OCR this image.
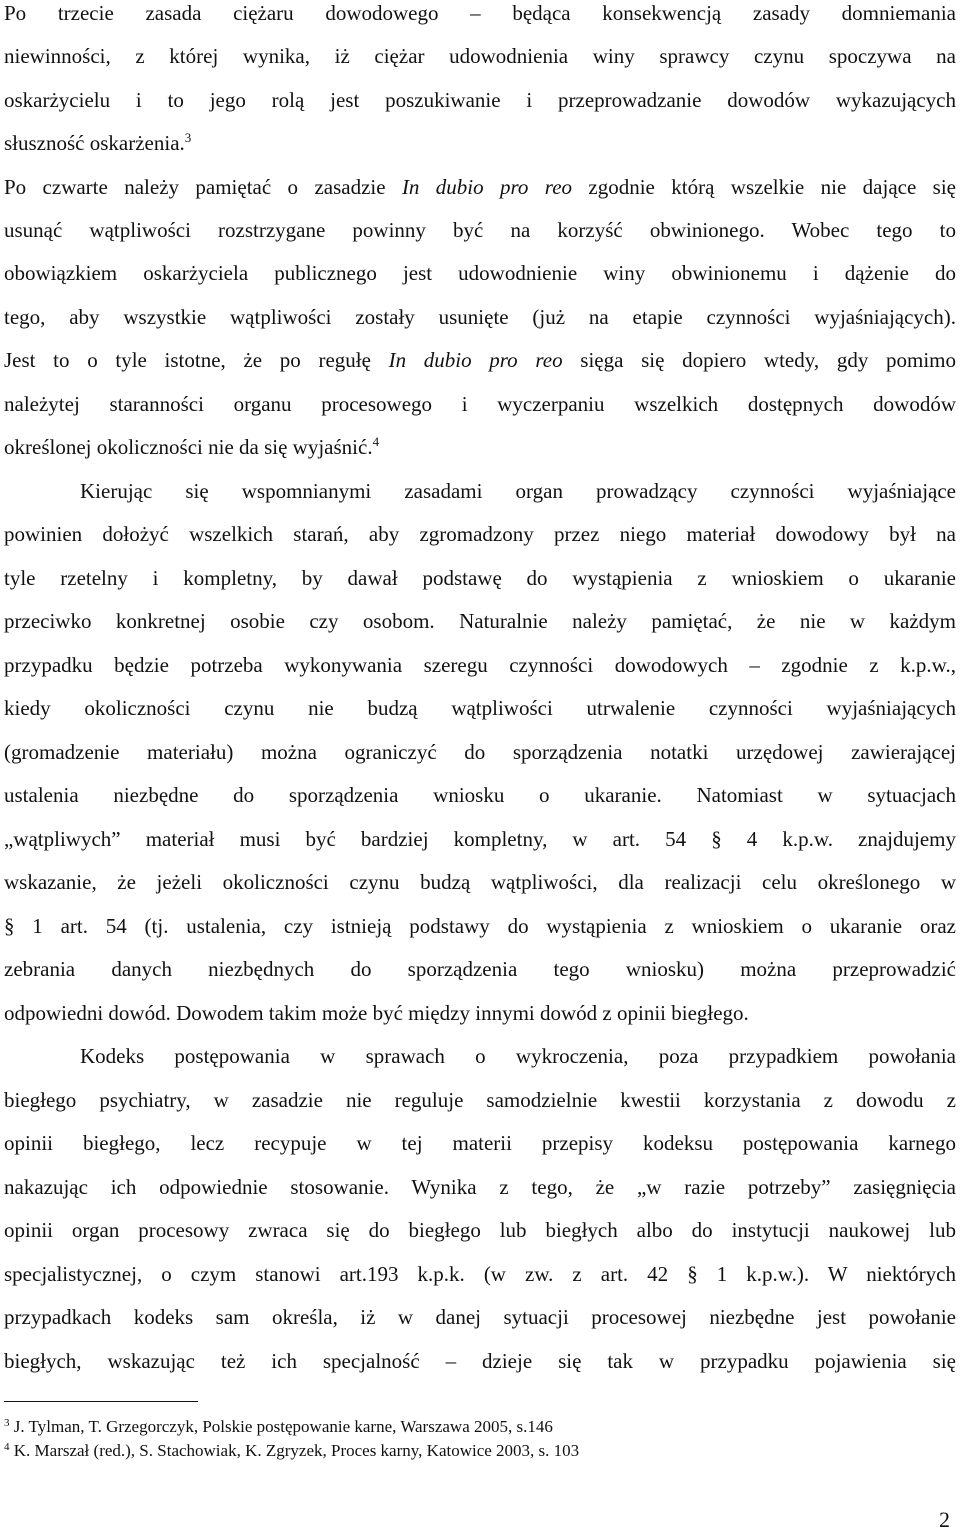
Po trzecie zasada ciężaru dowodowego – będąca konsekwencją zasady domniemania
niewinności, z której wynika, iż ciężar udowodnienia winy sprawcy czynu spoczywa na
oskarżycielu i to jego rolą jest poszukiwanie i przeprowadzanie dowodów wykazujących
słuszność oskarżenia.$^3$
Po czwarte należy pamiętać o zasadzie In dubio pro reo zgodnie którą wszelkie nie dające się
usunąć wątpliwości rozstrzygane powinny być na korzyść obwinionego. Wobec tego to
obowiązkiem oskarżyciela publicznego jest udowodnienie winy obwinionemu i dążenie do
tego, aby wszystkie wątpliwości zostały usunięte (już na etapie czynności wyjaśniających).
Jest to o tyle istotne, że po regułę In dubio pro reo sięga się dopiero wtedy, gdy pomimo
należytej staranności organu procesowego i wyczerpaniu wszelkich dostępnych dowodów
określonej okoliczności nie da się wyjaśnić.$^4$
Kierując się wspomnianymi zasadami organ prowadzący czynności wyjaśniające
powinien dołożyć wszelkich starań, aby zgromadzony przez niego materiał dowodowy był na
tyle rzetelny i kompletny, by dawał podstawę do wystąpienia z wnioskiem o ukaranie
przeciwko konkretnej osobie czy osobom. Naturalnie należy pamiętać, że nie w każdym
przypadku będzie potrzeba wykonywania szeregu czynności dowodowych – zgodnie z k.p.w.,
kiedy okoliczności czynu nie budzą wątpliwości utrwalenie czynności wyjaśniających
(gromadzenie materiału) można ograniczyć do sporządzenia notatki urzędowej zawierającej
ustalenia niezbędne do sporządzenia wniosku o ukaranie. Natomiast w sytuacjach
„wątpliwych” materiał musi być bardziej kompletny, w art. 54 § 4 k.p.w. znajdujemy
wskazanie, że jeżeli okoliczności czynu budzą wątpliwości, dla realizacji celu określonego w
§ 1 art. 54 (tj. ustalenia, czy istnieją podstawy do wystąpienia z wnioskiem o ukaranie oraz
zebrania danych niezbędnych do sporządzenia tego wniosku) można przeprowadzić
odpowiedni dowód. Dowodem takim może być między innymi dowód z opinii biegłego.
Kodeks postępowania w sprawach o wykroczenia, poza przypadkiem powołania
biegłego psychiatry, w zasadzie nie reguluje samodzielnie kwestii korzystania z dowodu z
opinii biegłego, lecz recypuje w tej materii przepisy kodeksu postępowania karnego
nakazując ich odpowiednie stosowanie. Wynika z tego, że „w razie potrzeby” zasięgnięcia
opinii organ procesowy zwraca się do biegłego lub biegłych albo do instytucji naukowej lub
specjalistycznej, o czym stanowi art.193 k.p.k. (w zw. z art. 42 § 1 k.p.w.). W niektórych
przypadkach kodeks sam określa, iż w danej sytuacji procesowej niezbędne jest powołanie
biegłych, wskazując też ich specjalność – dzieje się tak w przypadku pojawienia się
$^3$ J. Tylman, T. Grzegorczyk, Polskie postępowanie karne, Warszawa 2005, s.146
$^4$ K. Marszał (red.), S. Stachowiak, K. Zgryzek, Proces karny, Katowice 2003, s. 103
2
